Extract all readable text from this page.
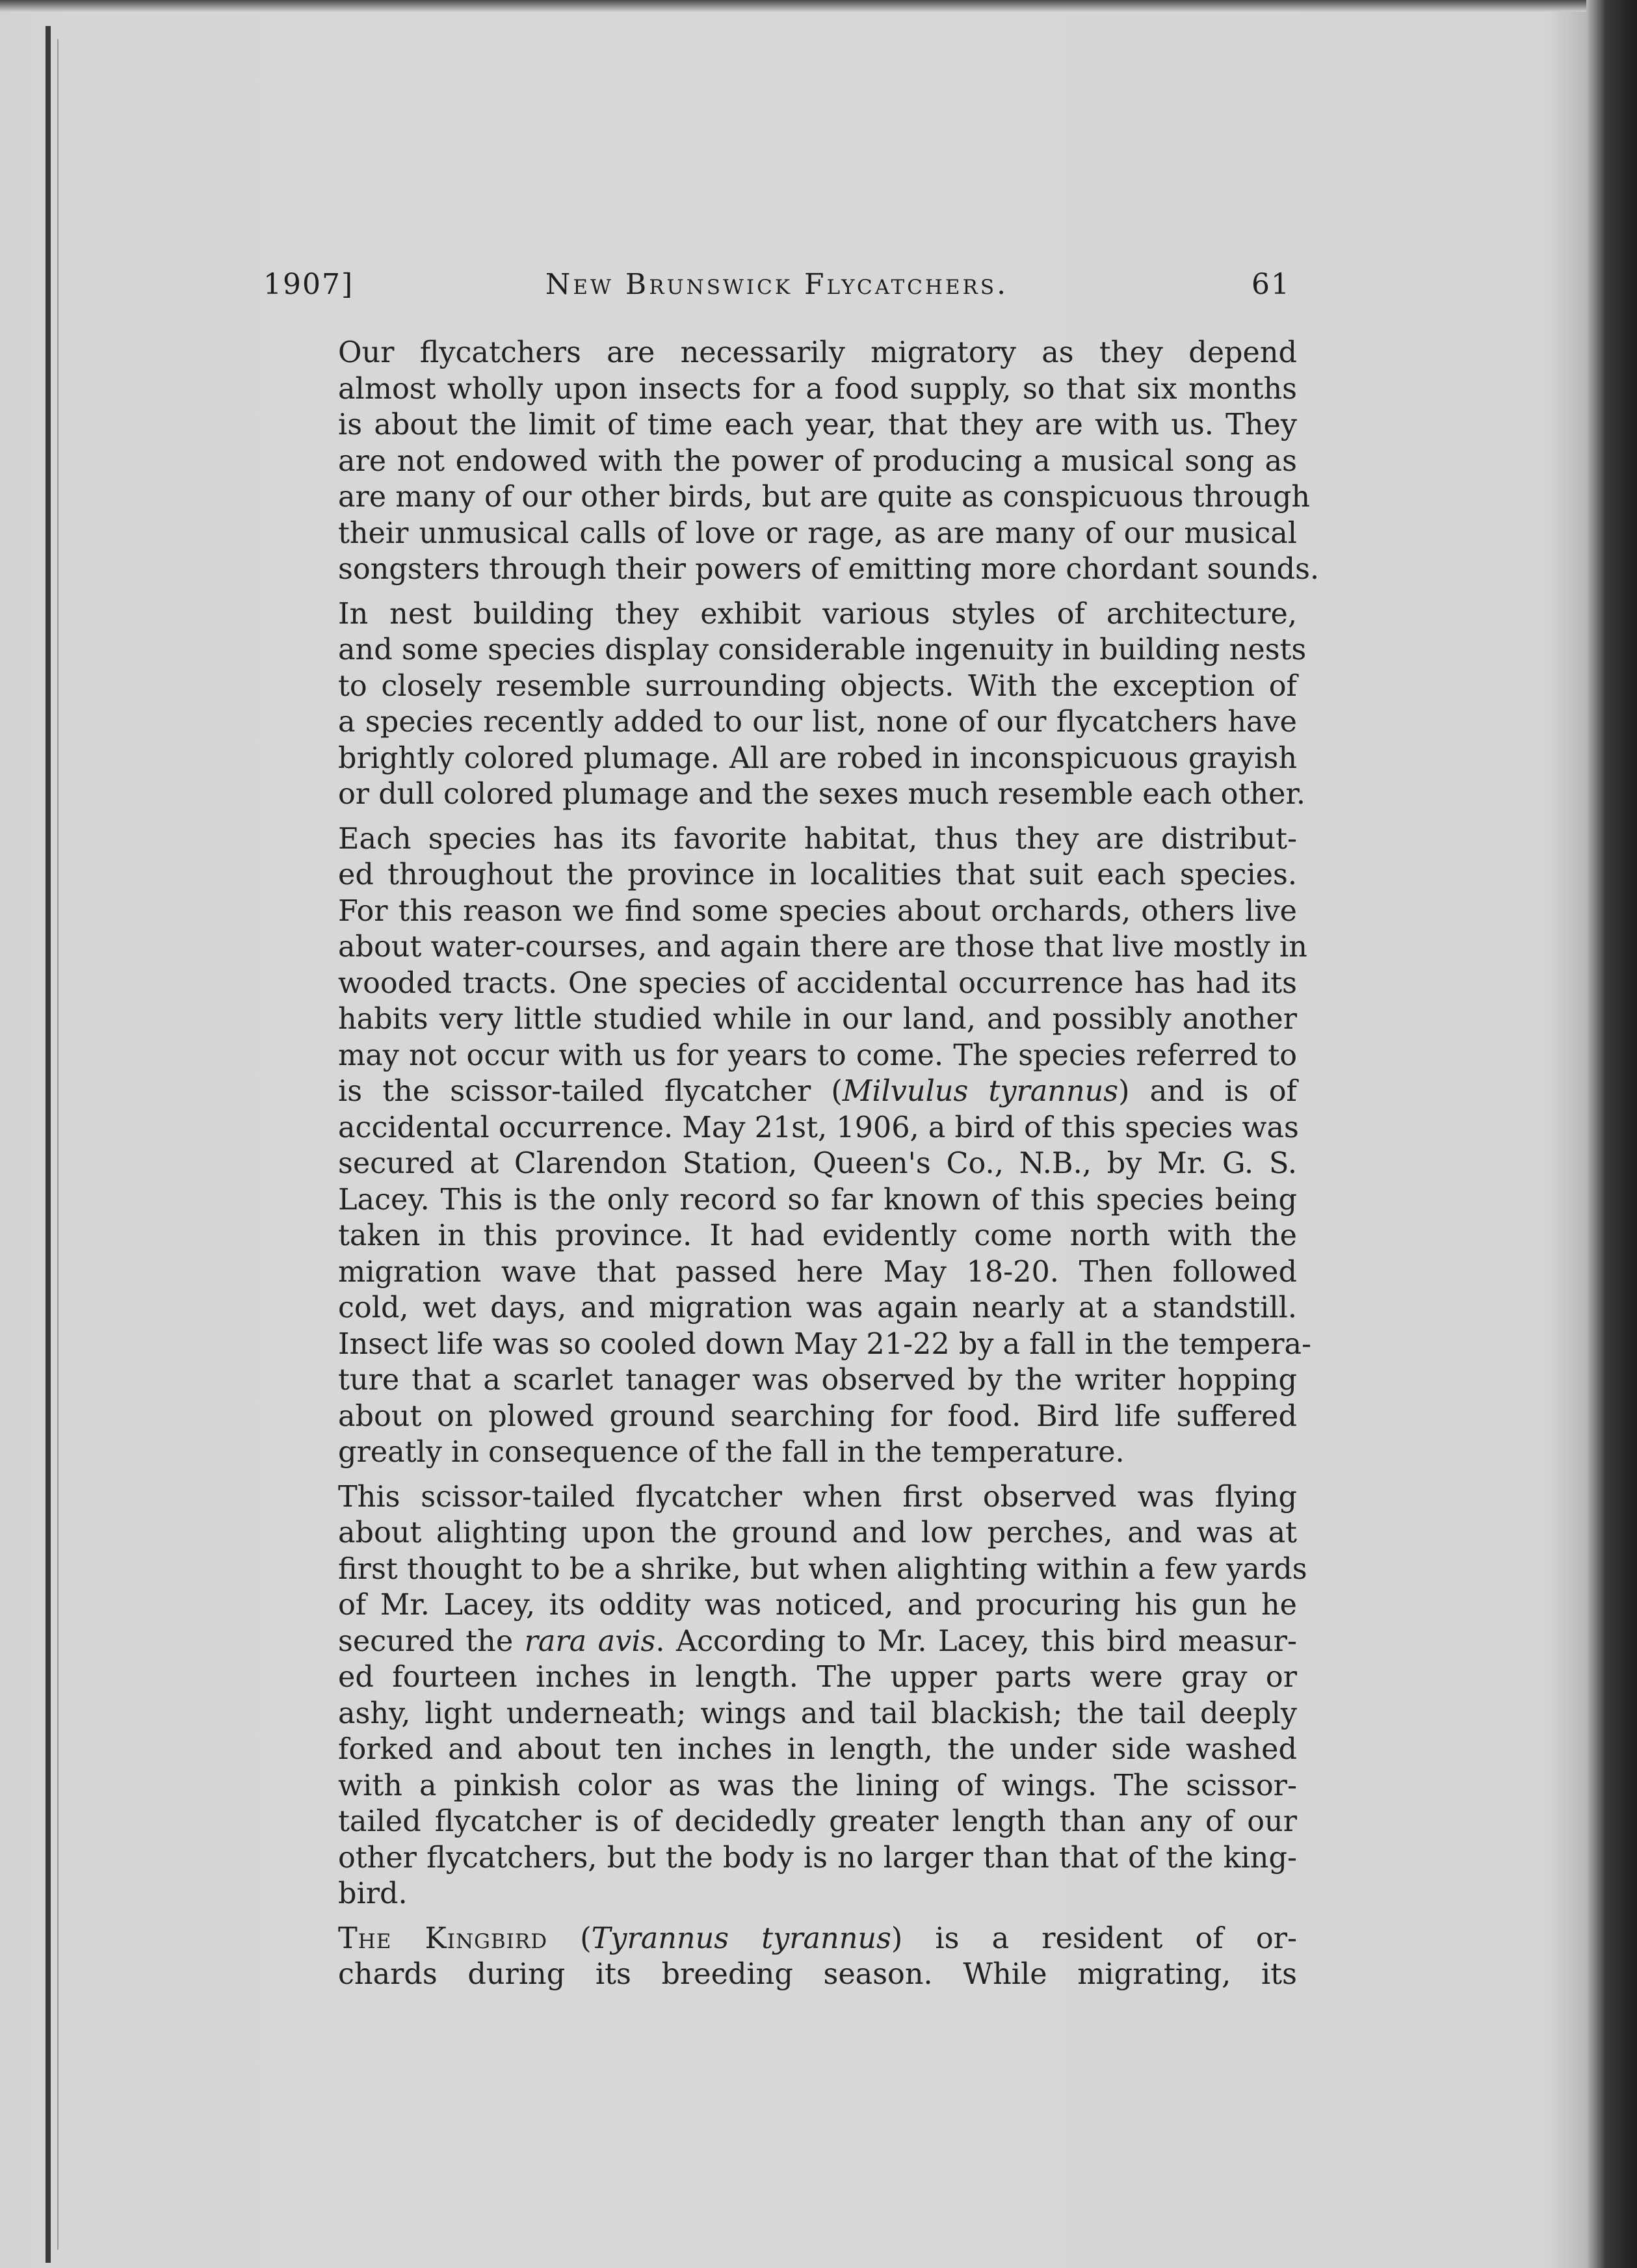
1907]	New Brunswick Flycatchers.	61

Our flycatchers are necessarily migratory as they depend
almost wholly upon insects for a food supply, so that six months
is about the limit of time each year, that they are with us. They
are not endowed with the power of producing a musical song as
are many of our other birds, but are quite as conspicuous through
their unmusical calls of love or rage, as are many of our musical
songsters through their powers of emitting more chordant sounds.

In nest building they exhibit various styles of architecture,
and some species display considerable ingenuity in building nests
to closely resemble surrounding objects. With the exception of
a species recently added to our list, none of our flycatchers have
brightly colored plumage. All are robed in inconspicuous grayish
or dull colored plumage and the sexes much resemble each other.

Each species has its favorite habitat, thus they are distribut-
ed throughout the province in localities that suit each species.
For this reason we find some species about orchards, others live
about water-courses, and again there are those that live mostly in
wooded tracts. One species of accidental occurrence has had its
habits very little studied while in our land, and possibly another
may not occur with us for years to come. The species referred to
is the scissor-tailed flycatcher (Milvulus tyrannus) and is of
accidental occurrence. May 21st, 1906, a bird of this species was
secured at Clarendon Station, Queen's Co., N.B., by Mr. G. S.
Lacey. This is the only record so far known of this species being
taken in this province. It had evidently come north with the
migration wave that passed here May 18-20. Then followed
cold, wet days, and migration was again nearly at a standstill.
Insect life was so cooled down May 21-22 by a fall in the tempera-
ture that a scarlet tanager was observed by the writer hopping
about on plowed ground searching for food. Bird life suffered
greatly in consequence of the fall in the temperature.

This scissor-tailed flycatcher when first observed was flying
about alighting upon the ground and low perches, and was at
first thought to be a shrike, but when alighting within a few yards
of Mr. Lacey, its oddity was noticed, and procuring his gun he
secured the rara avis. According to Mr. Lacey, this bird measur-
ed fourteen inches in length. The upper parts were gray or
ashy, light underneath; wings and tail blackish; the tail deeply
forked and about ten inches in length, the under side washed
with a pinkish color as was the lining of wings. The scissor-
tailed flycatcher is of decidedly greater length than any of our
other flycatchers, but the body is no larger than that of the king-
bird.

The Kingbird (Tyrannus tyrannus) is a resident of or-
chards during its breeding season. While migrating, its
